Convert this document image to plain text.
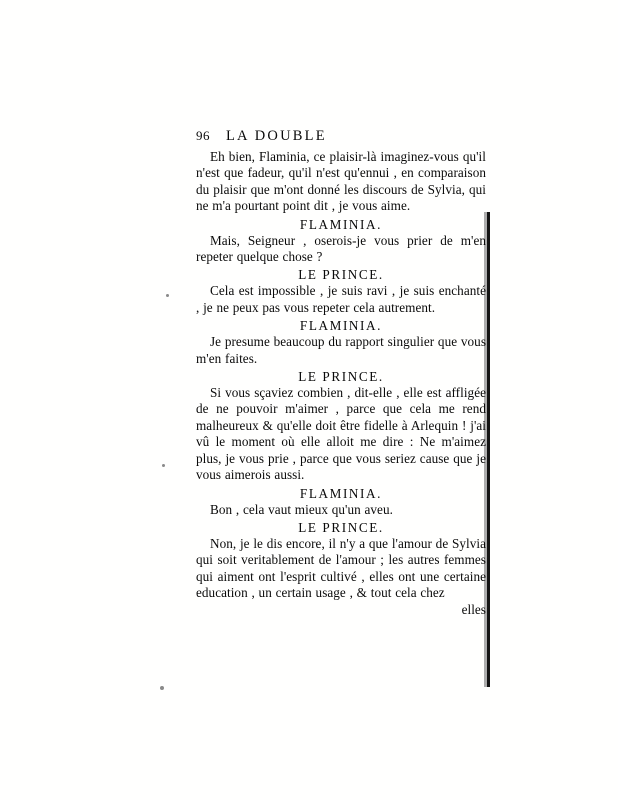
96 LA DOUBLE

Eh bien, Flaminia, ce plaisir-là imaginez-vous qu'il n'est que fadeur, qu'il n'est qu'ennui , en comparaison du plaisir que m'ont donné les discours de Sylvia, qui ne m'a pourtant point dit , je vous aime.

FLAMINIA.

Mais, Seigneur , oserois-je vous prier de m'en repeter quelque chose ?

LE PRINCE.

Cela est impossible , je suis ravi , je suis enchanté , je ne peux pas vous repeter cela autrement.

FLAMINIA.

Je presume beaucoup du rapport singulier que vous m'en faites.

LE PRINCE.

Si vous sçaviez combien , dit-elle , elle est affligée de ne pouvoir m'aimer , parce que cela me rend malheureux & qu'elle doit être fidelle à Arlequin ! j'ai vû le moment où elle alloit me dire : Ne m'aimez plus, je vous prie , parce que vous seriez cause que je vous aimerois aussi.

FLAMINIA.

Bon , cela vaut mieux qu'un aveu.

LE PRINCE.

Non, je le dis encore, il n'y a que l'amour de Sylvia qui soit veritablement de l'amour ; les autres femmes qui aiment ont l'esprit cultivé , elles ont une certaine education , un certain usage , & tout cela chez

elles
